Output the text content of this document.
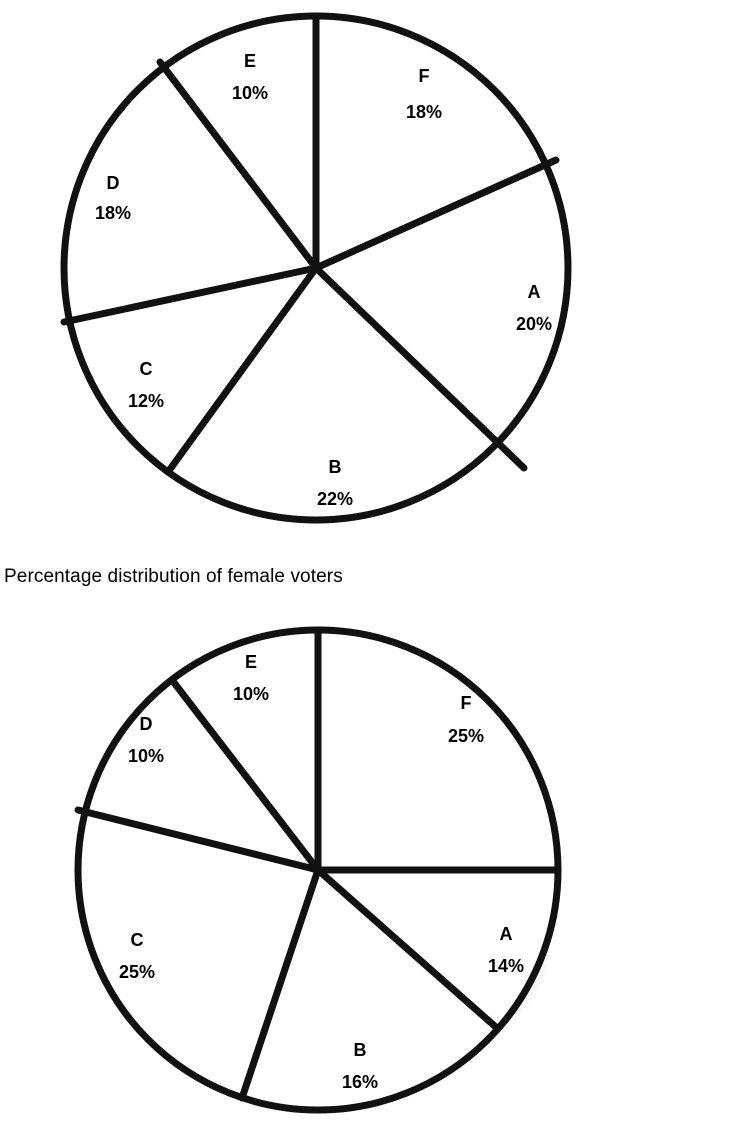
F
18%
A
20%
B
22%
C
12%
D
18%
E
10%
Percentage distribution of female voters
F
25%
A
14%
B
16%
C
25%
D
10%
E
10%
